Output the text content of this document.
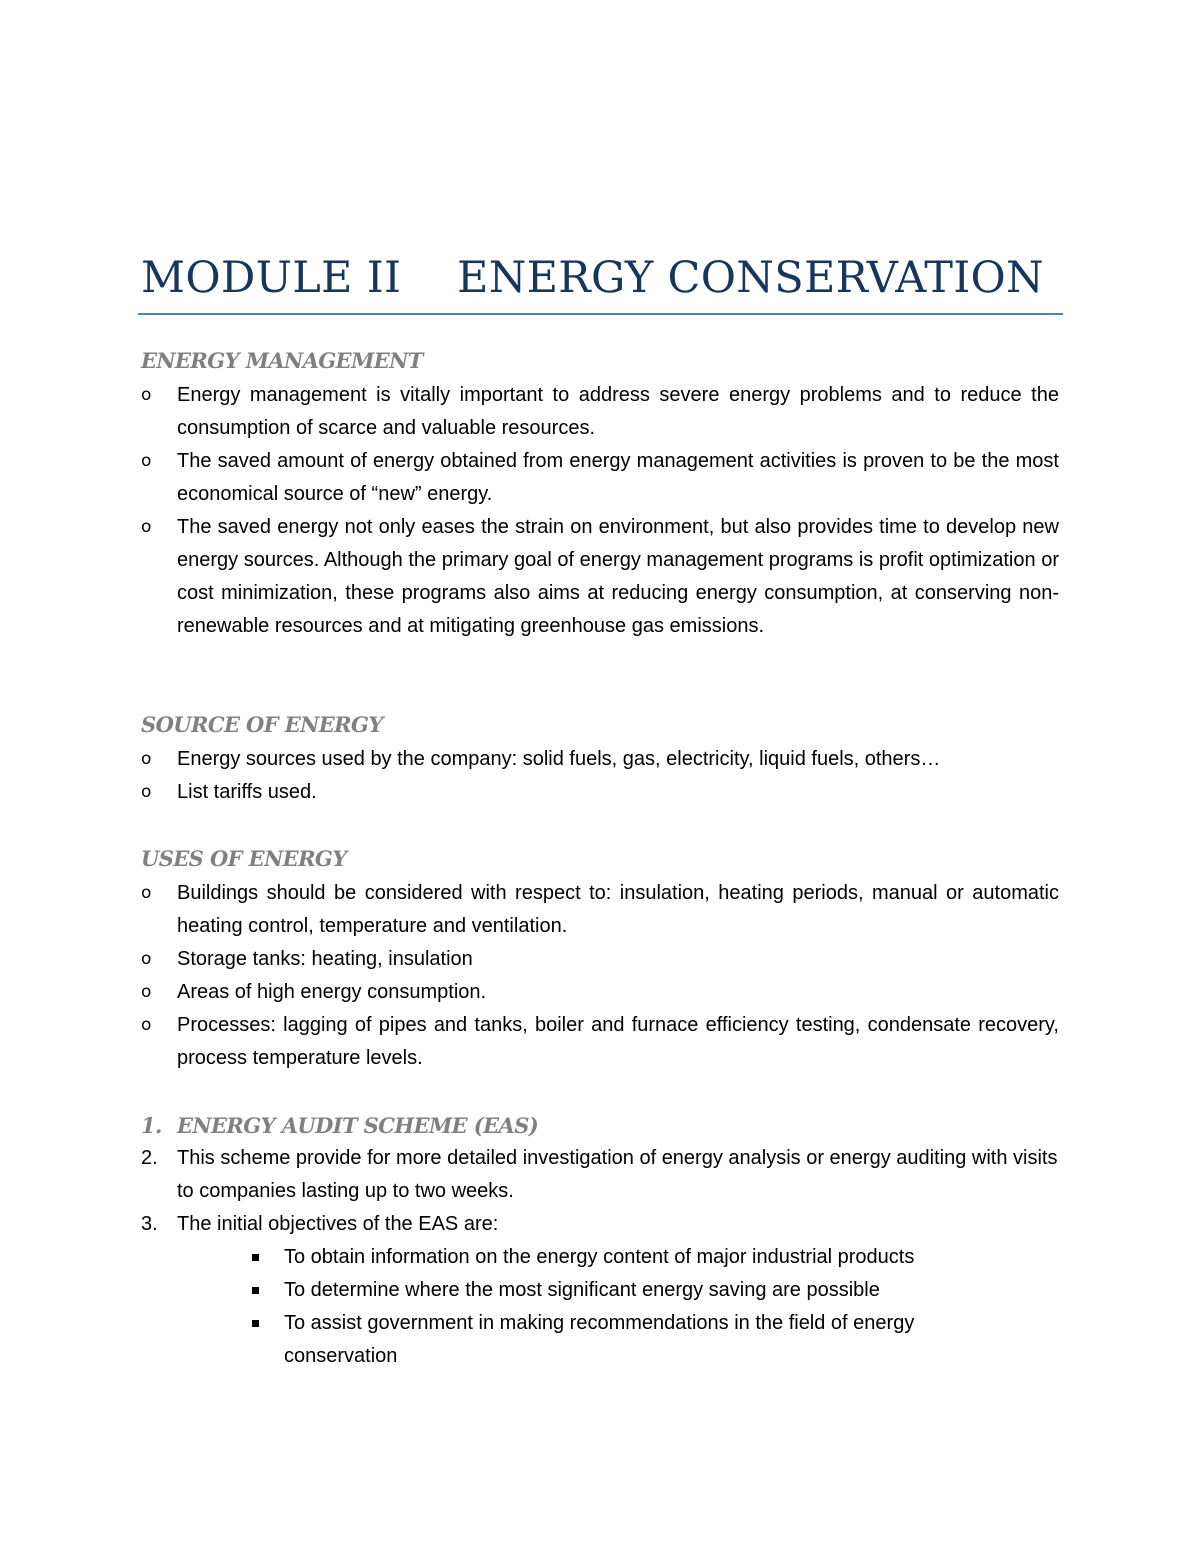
MODULE II ENERGY CONSERVATION
ENERGY MANAGEMENT
o	Energy management is vitally important to address severe energy problems and to reduce the consumption of scarce and valuable resources.
o	The saved amount of energy obtained from energy management activities is proven to be the most economical source of “new” energy.
o	The saved energy not only eases the strain on environment, but also provides time to develop new energy sources. Although the primary goal of energy management programs is profit optimization or cost minimization, these programs also aims at reducing energy consumption, at conserving non-renewable resources and at mitigating greenhouse gas emissions.
SOURCE OF ENERGY
o	Energy sources used by the company: solid fuels, gas, electricity, liquid fuels, others…
o	List tariffs used.
USES OF ENERGY
o	Buildings should be considered with respect to: insulation, heating periods, manual or automatic heating control, temperature and ventilation.
o	Storage tanks: heating, insulation
o	Areas of high energy consumption.
o	Processes: lagging of pipes and tanks, boiler and furnace efficiency testing, condensate recovery, process temperature levels.
1. ENERGY AUDIT SCHEME (EAS)
2. This scheme provide for more detailed investigation of energy analysis or energy auditing with visits to companies lasting up to two weeks.
3. The initial objectives of the EAS are:
To obtain information on the energy content of major industrial products
To determine where the most significant energy saving are possible
To assist government in making recommendations in the field of energy conservation
